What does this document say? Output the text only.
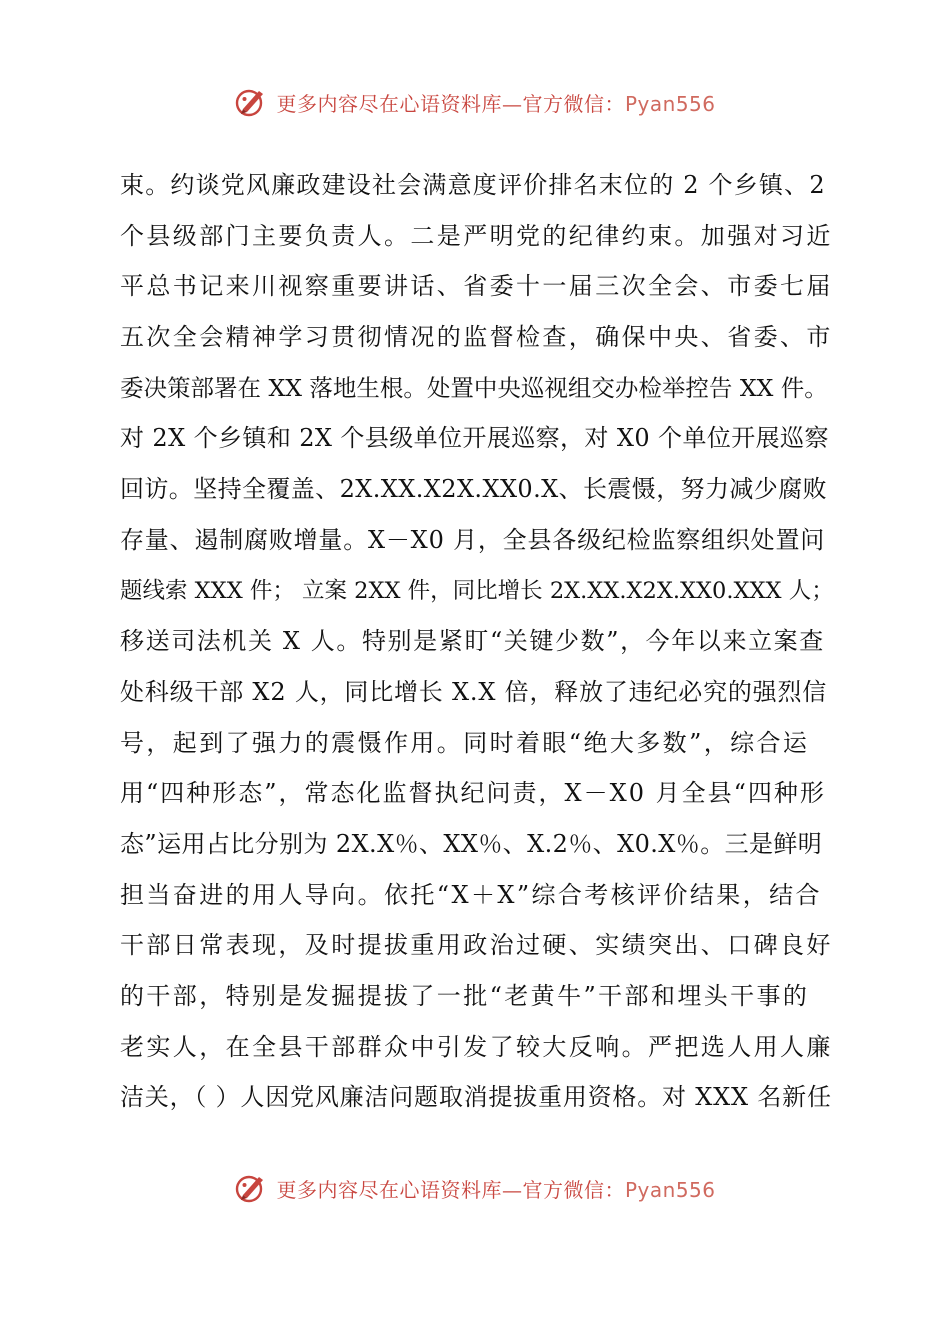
更多内容尽在心语资料库—官方微信：Pyan556
束。约谈党风廉政建设社会满意度评价排名末位的 2 个乡镇、2
个县级部门主要负责人。二是严明党的纪律约束。加强对习近
平总书记来川视察重要讲话、省委十一届三次全会、市委七届
五次全会精神学习贯彻情况的监督检查，确保中央、省委、市
委决策部署在 XX 落地生根。处置中央巡视组交办检举控告 XX 件。
对 2X 个乡镇和 2X 个县级单位开展巡察，对 X0 个单位开展巡察
回访。坚持全覆盖、2X.XX.X2X.XX0.X、长震慑，努力减少腐败
存量、遏制腐败增量。X－X0 月，全县各级纪检监察组织处置问
题线索 XXX 件； 立案 2XX 件，同比增长 2X.XX.X2X.XX0.XXX 人；
移送司法机关 X 人。特别是紧盯“关键少数”，今年以来立案查
处科级干部 X2 人，同比增长 X.X 倍，释放了违纪必究的强烈信
号，起到了强力的震慑作用。同时着眼“绝大多数”，综合运
用“四种形态”，常态化监督执纪问责，X－X0 月全县“四种形
态”运用占比分别为 2X.X％、XX％、X.2％、X0.X％。三是鲜明
担当奋进的用人导向。依托“X＋X”综合考核评价结果，结合
干部日常表现，及时提拔重用政治过硬、实绩突出、口碑良好
的干部，特别是发掘提拔了一批“老黄牛”干部和埋头干事的
老实人，在全县干部群众中引发了较大反响。严把选人用人廉
洁关，（ ）人因党风廉洁问题取消提拔重用资格。对 XXX 名新任
更多内容尽在心语资料库—官方微信：Pyan556
